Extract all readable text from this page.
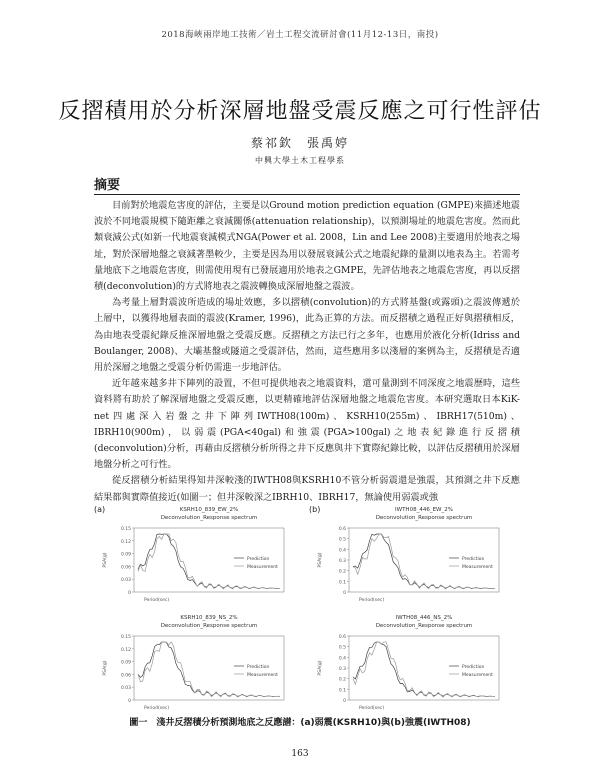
2018海峽兩岸地工技術／岩土工程交流研討會(11月12-13日，南投)
反摺積用於分析深層地盤受震反應之可行性評估
蔡祁欽　張禹婷
中興大學土木工程學系
摘要

目前對於地震危害度的評估，主要是以Ground motion prediction equation (GMPE)來描述地震波於不同地震規模下隨距離之衰減關係(attenuation relationship)，以預測場址的地震危害度。然而此類衰減公式(如新一代地震衰減模式NGA(Power et al. 2008，Lin and Lee 2008)主要適用於地表之場址，對於深層地盤之衰減著墨較少，主要是因為用以發展衰減公式之地震紀錄的量測以地表為主。若需考量地底下之地震危害度，則需使用現有已發展適用於地表之GMPE，先評估地表之地震危害度，再以反摺積(deconvolution)的方式將地表之震波轉換成深層地盤之震波。

為考量上層對震波所造成的場址效應，多以摺積(convolution)的方式將基盤(或露頭)之震波傳遞於上層中，以獲得地層表面的震波(Kramer, 1996)，此為正算的方法。而反摺積之過程正好與摺積相反，為由地表受震紀錄反推深層地盤之受震反應。反摺積之方法已行之多年，也應用於液化分析(Idriss and Boulanger, 2008)、大壩基盤或隧道之受震評估，然而，這些應用多以淺層的案例為主，反摺積是否適用於深層之地盤之受震分析仍需進一步地評估。

近年越來越多井下陣列的設置，不但可提供地表之地震資料，還可量測到不同深度之地震歷時，這些資料將有助於了解深層地盤之受震反應，以更精確地評估深層地盤之地震危害度。本研究選取日本KiK-net四處深入岩盤之井下陣列IWTH08(100m)、KSRH10(255m)、IBRH17(510m)、IBRH10(900m)，以弱震(PGA<40gal)和強震(PGA>100gal)之地表紀錄進行反摺積(deconvolution)分析，再藉由反摺積分析所得之井下反應與井下實際紀錄比較，以評估反摺積用於深層地盤分析之可行性。

從反摺積分析結果得知井深較淺的IWTH08與KSRH10不管分析弱震還是強震，其預測之井下反應結果都與實際值接近(如圖一；但井深較深之IBRH10、IBRH17，無論使用弱震或強

(a)	KSRH10_839_EW_2%
Deconvolution_Response spectrum
0.15
0.12
0.09
0.06
0.03
0
PSA(g)
Period(sec)
Prediction
Measurement
(b)	IWTH08_446_EW_2%
Deconvolution_Response spectrum
0.6
0.5
0.4
0.3
0.2
0.1
0
PSA(g)
Period(sec)
Prediction
Measurement
KSRH10_839_NS_2%
Deconvolution_Response spectrum
0.15
0.12
0.09
0.06
0.03
0
PSA(g)
Period(sec)
Prediction
Measurement
IWTH08_446_NS_2%
Deconvolution_Response spectrum
0.6
0.5
0.4
0.3
0.2
0.1
0
PSA(g)
Period(sec)
Prediction
Measurement
圖一　淺井反摺積分析預測地底之反應譜：(a)弱震(KSRH10)與(b)強震(IWTH08)
163
